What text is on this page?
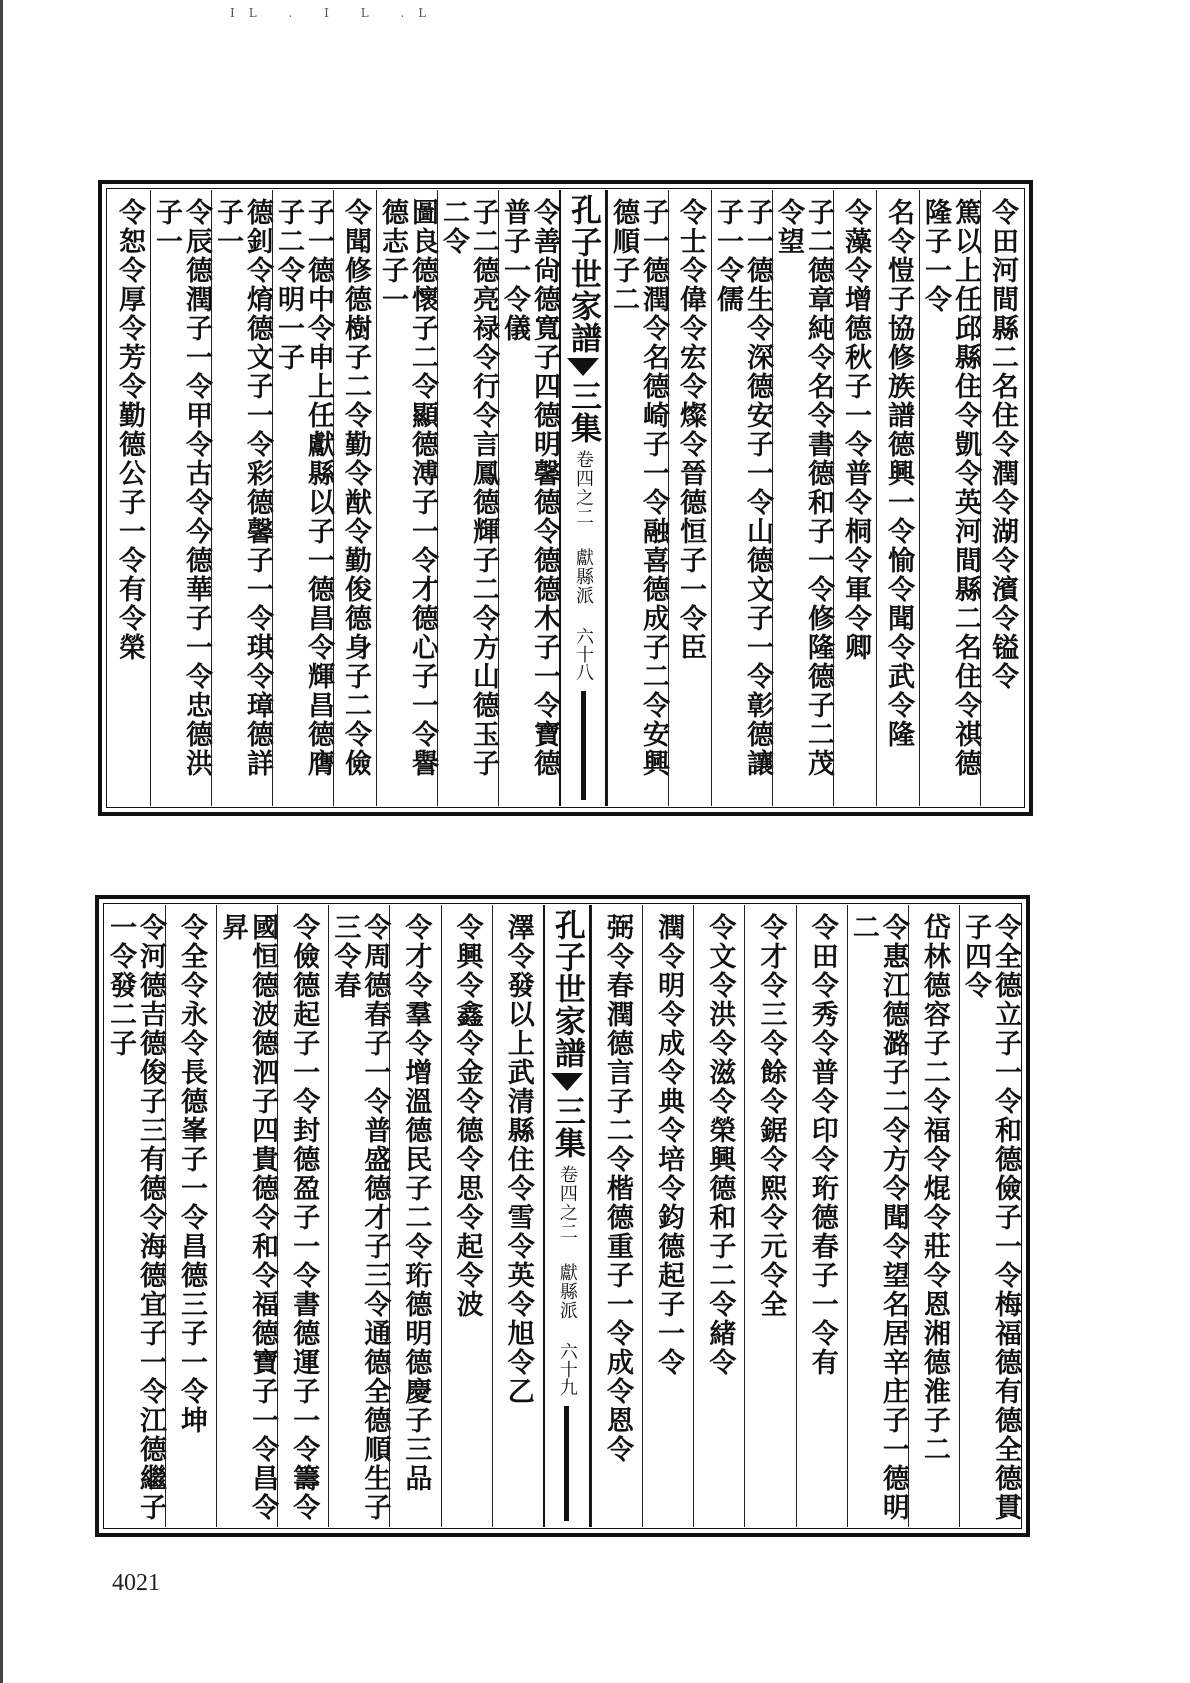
IL . I L .L
令田河間縣二名住令潤令湖令濱令镒令
篤以上任邱縣住令凱令英河間縣二名住令祺德隆子一令
名令愷子協修族譜德興一令愉令聞令武令隆
令藻令增德秋子一令普令桐令軍令卿
子二德章純令名令書德和子一令修隆德子二茂令望
子一德生令深德安子一令山德文子一令彰德讓子一令儒
令士令偉令宏令燦令晉德恒子一令臣
子一德潤令名德崎子一令融喜德成子二令安興德順子二
孔子世家譜
三集
卷四之二 獻縣派
六十八
令善尙德寬子四德明馨德令德德木子一令寶德普子一令儀
子二德亮禄令行令言鳳德輝子二令方山德玉子二令
圖良德懷子二令顯德溥子一令才德心子一令譽德志子一
令聞修德樹子二令勤令猷令勤俊德身子二令儉
子一德中令申上任獻縣以子一德昌令輝昌德膺子二令明一子
德釗令焴德文子一令彩德馨子一令琪令璋德詳子一
令辰德潤子一令甲令古令今德華子一令忠德洪子一
令恕令厚令芳令勤德公子一令有令榮
令全德立子一令和德儉子一令梅福德有德全德貫子四令
岱林德容子二令福令焜令莊令恩湘德淮子二
令惠江德潞子二令方令聞令望名居辛庄子一德明二
令田令秀令普令印令珩德春子一令有
令才令三令餘令鋸令熙令元令全
令文令洪令滋令榮興德和子二令緒令
潤令明令成令典令培令鈞德起子一令
弼令春潤德言子二令楷德重子一令成令恩令
孔子世家譜
三集
卷四之二 獻縣派
六十九
澤令發以上武清縣住令雪令英令旭令乙
令興令鑫令金令德令思令起令波
令才令羣令增溫德民子二令珩德明德慶子三品
令周德春子一令普盛德才子三令通德全德順生子三令春
令儉德起子一令封德盈子一令書德運子一令籌令
國恒德波德泗子四貴德令和令福德寶子一令昌令昇
令全令永令長德峯子一令昌德三子一令坤
令河德吉德俊子三有德令海德宜子一令江德繼子一令發二子
4021
